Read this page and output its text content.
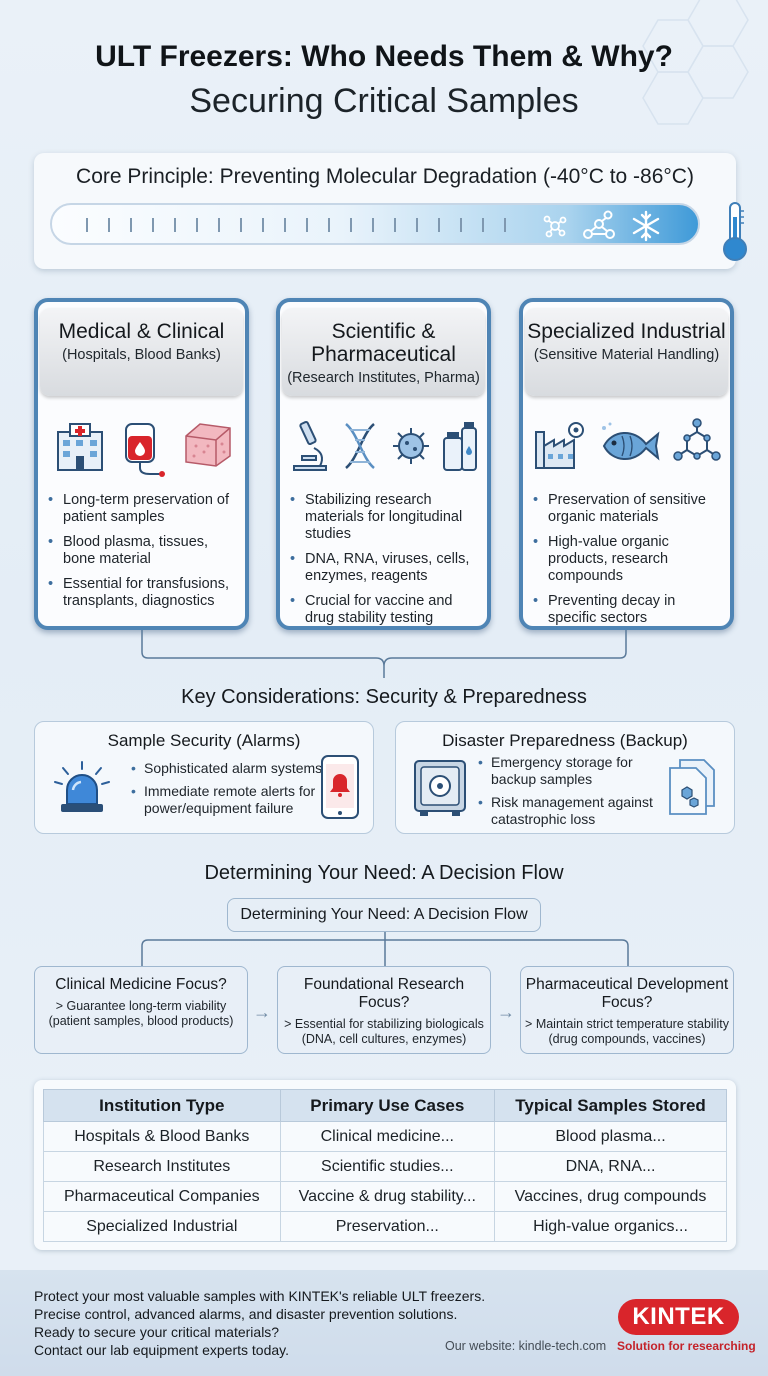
ULT Freezers: Who Needs Them & Why?
Securing Critical Samples
Core Principle: Preventing Molecular Degradation (-40°C to -86°C)
Medical & Clinical
(Hospitals, Blood Banks)
• Long-term preservation of patient samples
• Blood plasma, tissues, bone material
• Essential for transfusions, transplants, diagnostics
Scientific & Pharmaceutical
(Research Institutes, Pharma)
• Stabilizing research materials for longitudinal studies
• DNA, RNA, viruses, cells, enzymes, reagents
• Crucial for vaccine and drug stability testing
Specialized Industrial
(Sensitive Material Handling)
• Preservation of sensitive organic materials
• High-value organic products, research compounds
• Preventing decay in specific sectors
Key Considerations: Security & Preparedness
Sample Security (Alarms)
• Sophisticated alarm systems
• Immediate remote alerts for power/equipment failure
Disaster Preparedness (Backup)
• Emergency storage for backup samples
• Risk management against catastrophic loss
Determining Your Need: A Decision Flow
Determining Your Need: A Decision Flow
Clinical Medicine Focus?
> Guarantee long-term viability (patient samples, blood products)	→
Foundational Research Focus?
> Essential for stabilizing biologicals (DNA, cell cultures, enzymes)
→
Pharmaceutical Development Focus?
> Maintain strict temperature stability (drug compounds, vaccines)
Institution Type	Primary Use Cases	Typical Samples Stored
Hospitals & Blood Banks	Clinical medicine...	Blood plasma...
Research Institutes	Scientific studies...	DNA, RNA...
Pharmaceutical Companies	Vaccine & drug stability...	Vaccines, drug compounds
Specialized Industrial	Preservation...	High-value organics...
Protect your most valuable samples with KINTEK's reliable ULT freezers.
Precise control, advanced alarms, and disaster prevention solutions.
Ready to secure your critical materials?
Contact our lab equipment experts today.	Our website: kindle-tech.com
KINTEK
Solution for researching
